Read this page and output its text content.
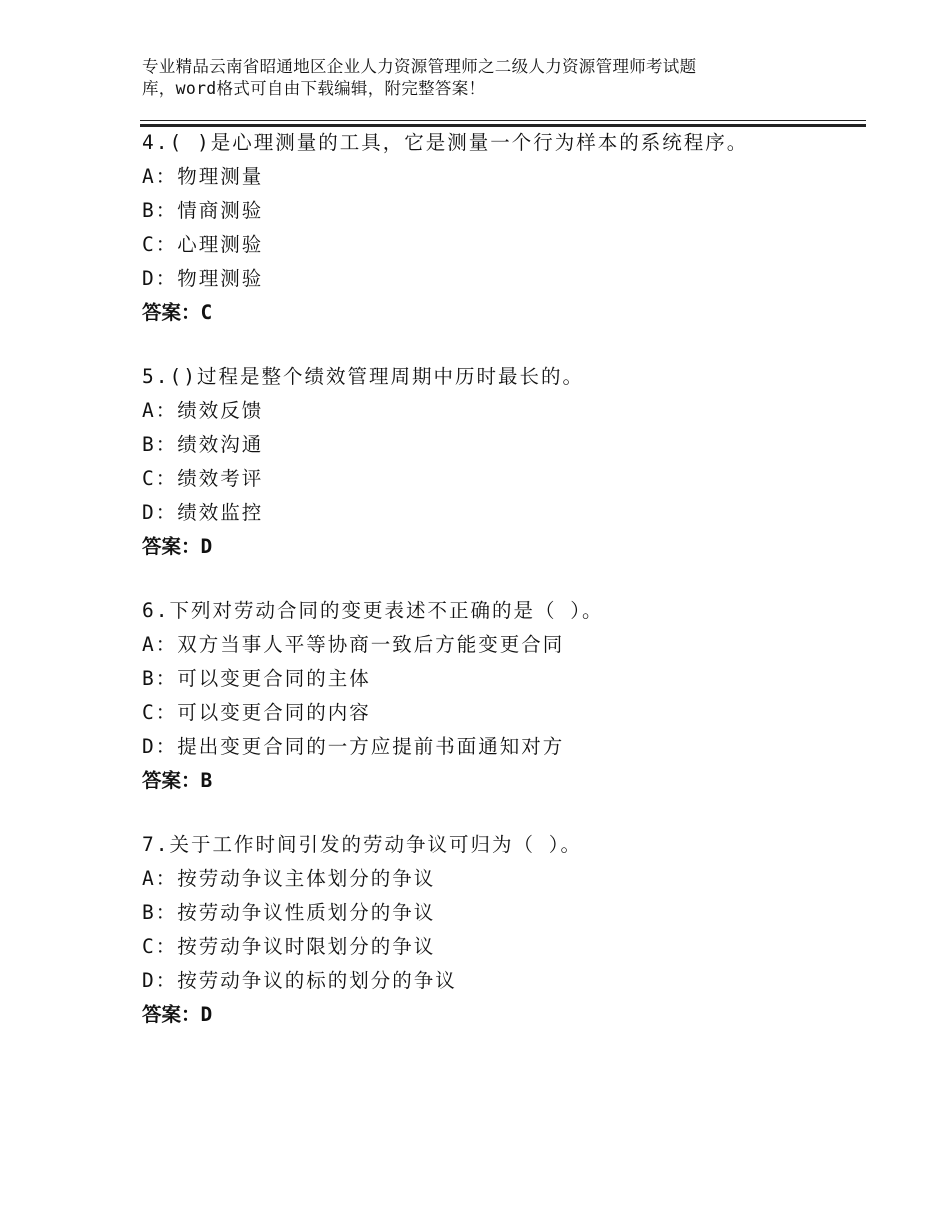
专业精品云南省昭通地区企业人力资源管理师之二级人力资源管理师考试题
库，word格式可自由下载编辑，附完整答案！
4.( )是心理测量的工具，它是测量一个行为样本的系统程序。
A：物理测量
B：情商测验
C：心理测验
D：物理测验
答案：C
5.()过程是整个绩效管理周期中历时最长的。
A：绩效反馈
B：绩效沟通
C：绩效考评
D：绩效监控
答案：D
6.下列对劳动合同的变更表述不正确的是（ ）。
A：双方当事人平等协商一致后方能变更合同
B：可以变更合同的主体
C：可以变更合同的内容
D：提出变更合同的一方应提前书面通知对方
答案：B
7.关于工作时间引发的劳动争议可归为（ ）。
A：按劳动争议主体划分的争议
B：按劳动争议性质划分的争议
C：按劳动争议时限划分的争议
D：按劳动争议的标的划分的争议
答案：D
